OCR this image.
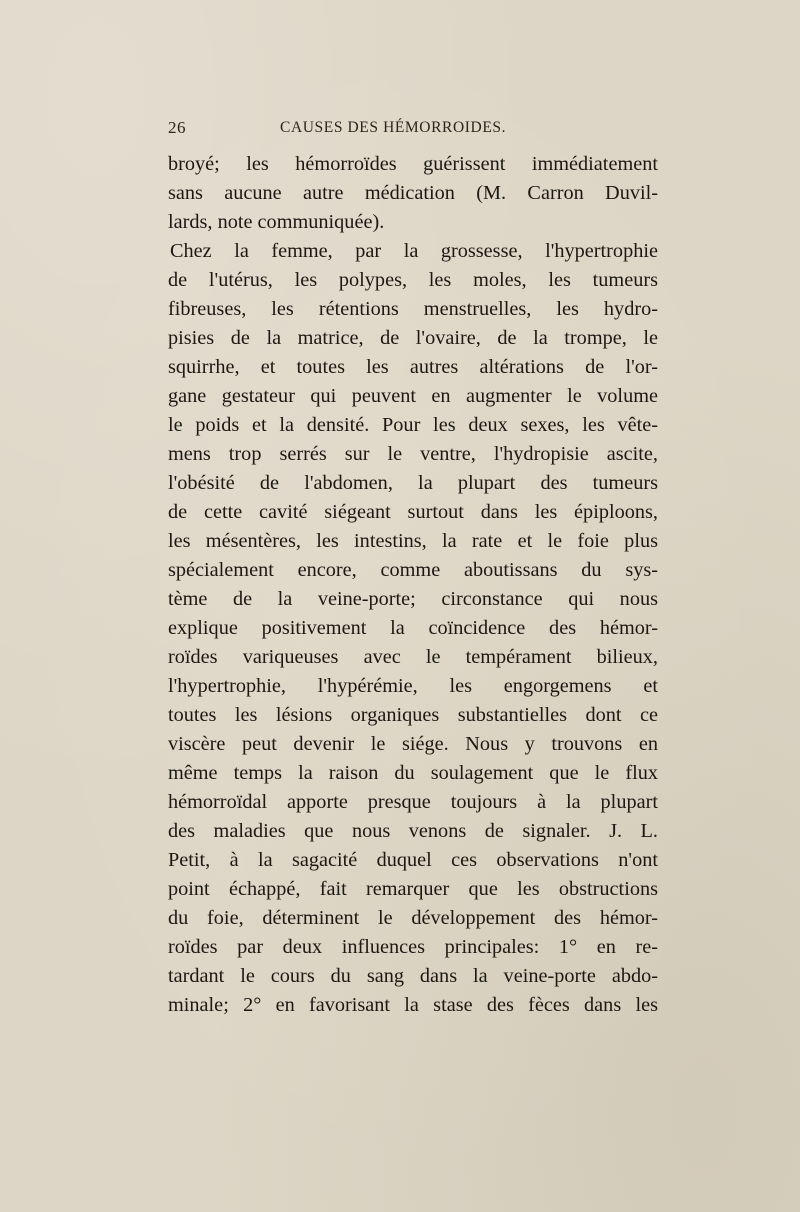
26	CAUSES DES HÉMORROIDES.
broyé; les hémorroïdes guérissent immédiatement
sans aucune autre médication (M. Carron Duvil-
lards, note communiquée).
Chez la femme, par la grossesse, l'hypertrophie
de l'utérus, les polypes, les moles, les tumeurs
fibreuses, les rétentions menstruelles, les hydro-
pisies de la matrice, de l'ovaire, de la trompe, le
squirrhe, et toutes les autres altérations de l'or-
gane gestateur qui peuvent en augmenter le volume
le poids et la densité. Pour les deux sexes, les vête-
mens trop serrés sur le ventre, l'hydropisie ascite,
l'obésité de l'abdomen, la plupart des tumeurs
de cette cavité siégeant surtout dans les épiploons,
les mésentères, les intestins, la rate et le foie plus
spécialement encore, comme aboutissans du sys-
tème de la veine-porte; circonstance qui nous
explique positivement la coïncidence des hémor-
roïdes variqueuses avec le tempérament bilieux,
l'hypertrophie, l'hypérémie, les engorgemens et
toutes les lésions organiques substantielles dont ce
viscère peut devenir le siége. Nous y trouvons en
même temps la raison du soulagement que le flux
hémorroïdal apporte presque toujours à la plupart
des maladies que nous venons de signaler. J. L.
Petit, à la sagacité duquel ces observations n'ont
point échappé, fait remarquer que les obstructions
du foie, déterminent le développement des hémor-
roïdes par deux influences principales: 1° en re-
tardant le cours du sang dans la veine-porte abdo-
minale; 2° en favorisant la stase des fèces dans les
